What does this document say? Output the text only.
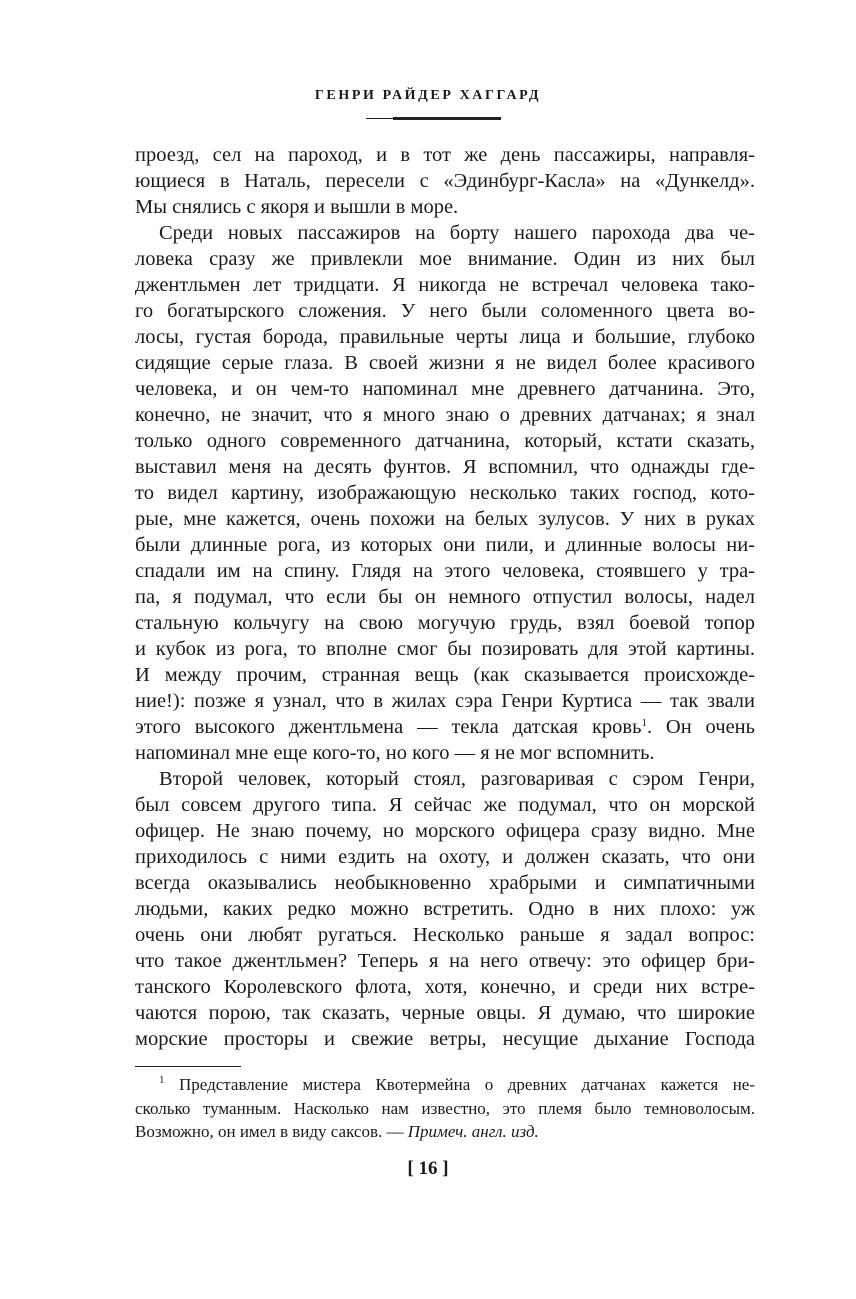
ГЕНРИ РАЙДЕР ХАГГАРД
проезд, сел на пароход, и в тот же день пассажиры, направля-
ющиеся в Наталь, пересели с «Эдинбург-Касла» на «Дункелд».
Мы снялись с якоря и вышли в море.
Среди новых пассажиров на борту нашего парохода два че-
ловека сразу же привлекли мое внимание. Один из них был
джентльмен лет тридцати. Я никогда не встречал человека тако-
го богатырского сложения. У него были соломенного цвета во-
лосы, густая борода, правильные черты лица и большие, глубоко
сидящие серые глаза. В своей жизни я не видел более красивого
человека, и он чем-то напоминал мне древнего датчанина. Это,
конечно, не значит, что я много знаю о древних датчанах; я знал
только одного современного датчанина, который, кстати сказать,
выставил меня на десять фунтов. Я вспомнил, что однажды где-
то видел картину, изображающую несколько таких господ, кото-
рые, мне кажется, очень похожи на белых зулусов. У них в руках
были длинные рога, из которых они пили, и длинные волосы ни-
спадали им на спину. Глядя на этого человека, стоявшего у тра-
па, я подумал, что если бы он немного отпустил волосы, надел
стальную кольчугу на свою могучую грудь, взял боевой топор
и кубок из рога, то вполне смог бы позировать для этой картины.
И между прочим, странная вещь (как сказывается происхожде-
ние!): позже я узнал, что в жилах сэра Генри Куртиса — так звали
этого высокого джентльмена — текла датская кровь$^1$. Он очень
напоминал мне еще кого-то, но кого — я не мог вспомнить.
Второй человек, который стоял, разговаривая с сэром Генри,
был совсем другого типа. Я сейчас же подумал, что он морской
офицер. Не знаю почему, но морского офицера сразу видно. Мне
приходилось с ними ездить на охоту, и должен сказать, что они
всегда оказывались необыкновенно храбрыми и симпатичными
людьми, каких редко можно встретить. Одно в них плохо: уж
очень они любят ругаться. Несколько раньше я задал вопрос:
что такое джентльмен? Теперь я на него отвечу: это офицер бри-
танского Королевского флота, хотя, конечно, и среди них встре-
чаются порою, так сказать, черные овцы. Я думаю, что широкие
морские просторы и свежие ветры, несущие дыхание Господа
$^1$ Представление мистера Квотермейна о древних датчанах кажется не-
сколько туманным. Насколько нам известно, это племя было темноволосым.
Возможно, он имел в виду саксов. — Примеч. англ. изд.
[ 16 ]
